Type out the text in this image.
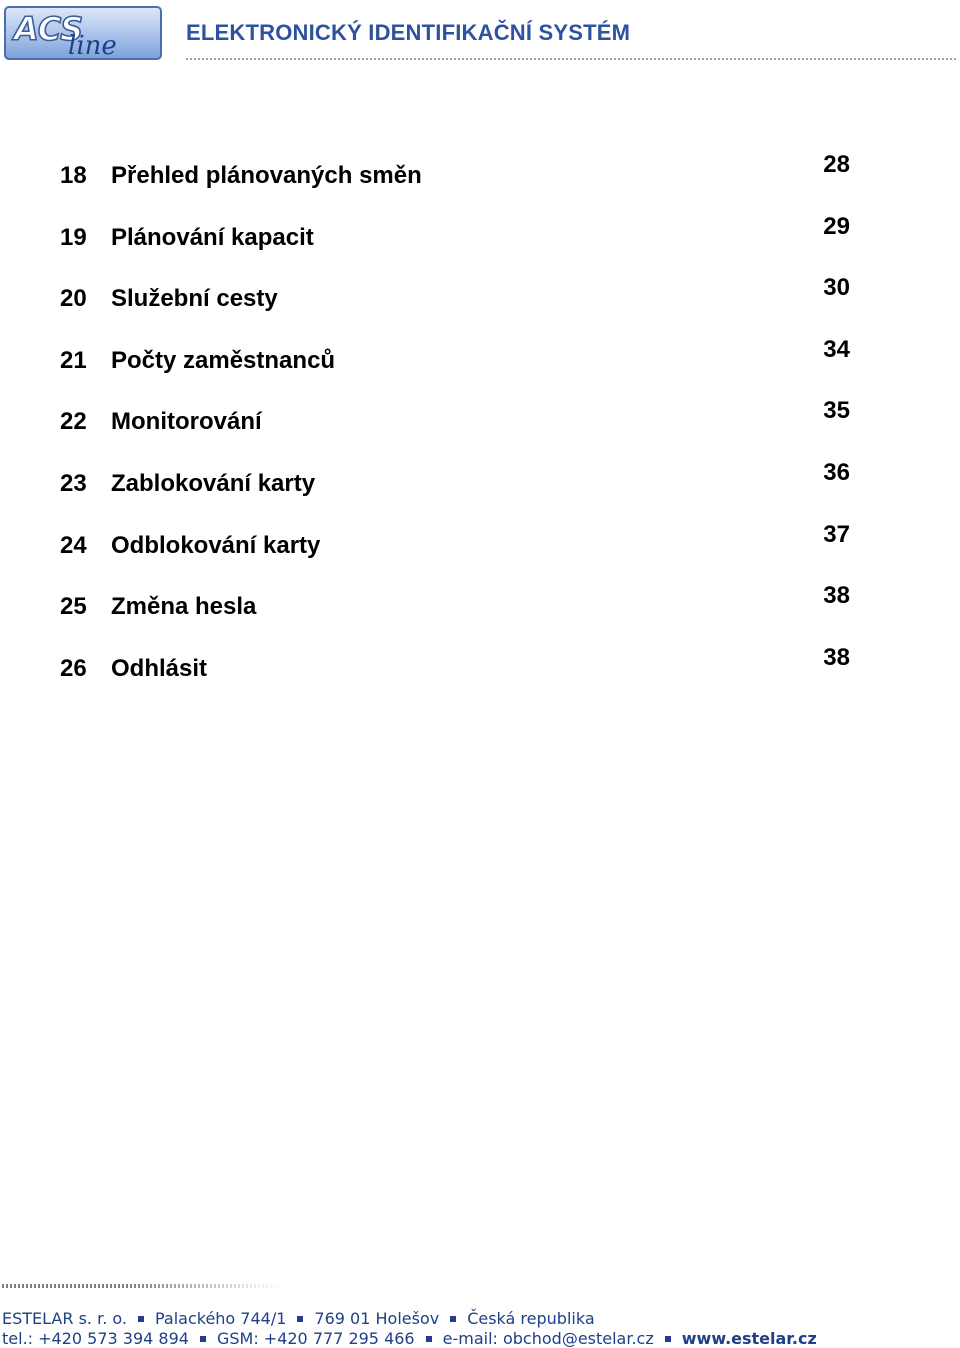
ACS
line	ELEKTRONICKÝ IDENTIFIKAČNÍ SYSTÉM
18 Přehled plánovaných směn	28
19 Plánování kapacit	29
20 Služební cesty	30
21 Počty zaměstnanců	34
22 Monitorování	35
23 Zablokování karty	36
24 Odblokování karty	37
25 Změna hesla	38
26 Odhlásit	38
ESTELAR s. r. o. Palackého 744/1 769 01 Holešov Česká republika
tel.: +420 573 394 894 GSM: +420 777 295 466 e-mail: obchod@estelar.cz www.estelar.cz
